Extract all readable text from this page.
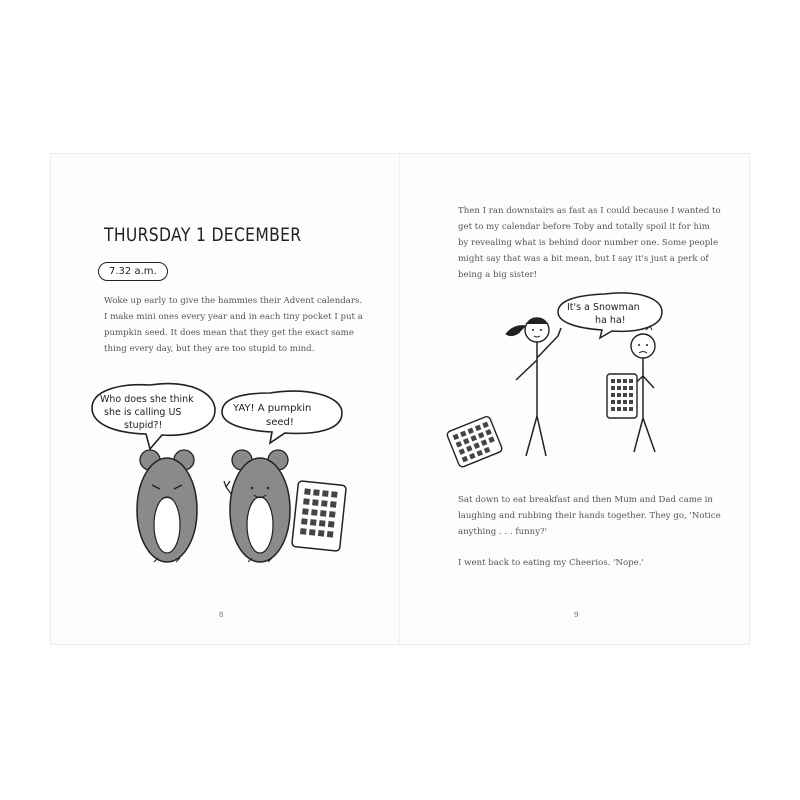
THURSDAY 1 DECEMBER
7.32 a.m.

Woke up early to give the hammies their Advent calendars.
I make mini ones every year and in each tiny pocket I put a
pumpkin seed. It does mean that they get the exact same
thing every day, but they are too stupid to mind.

Who does she think
she is calling US
stupid?!
YAY! A pumpkin
seed!
8

Then I ran downstairs as fast as I could because I wanted to
get to my calendar before Toby and totally spoil it for him
by revealing what is behind door number one. Some people
might say that was a bit mean, but I say it's just a perk of
being a big sister!

It's a Snowman
ha ha!

Sat down to eat breakfast and then Mum and Dad came in
laughing and rubbing their hands together. They go, 'Notice
anything . . . funny?'

I went back to eating my Cheerios. 'Nope.'

9
